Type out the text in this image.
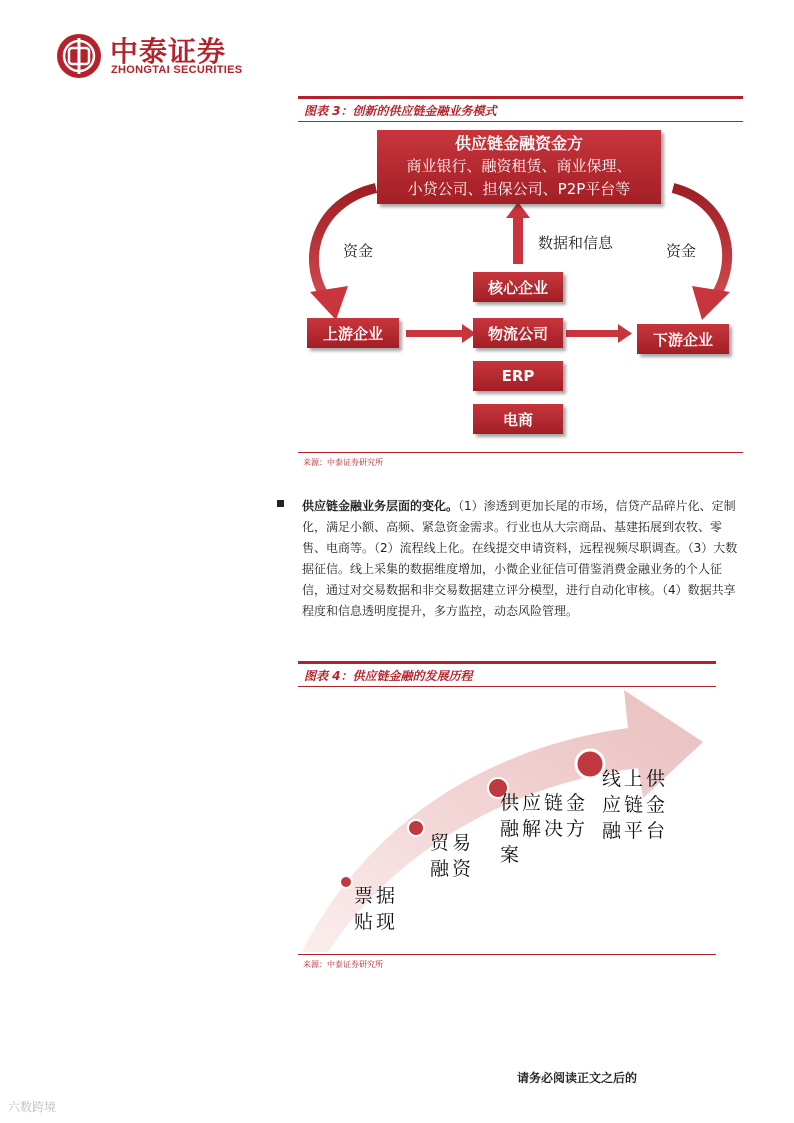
中泰证券
ZHONGTAI SECURITIES
图表 3：创新的供应链金融业务模式
供应链金融资金方
商业银行、融资租赁、商业保理、
小贷公司、担保公司、P2P平台等
资金	资金
数据和信息
核心企业
上游企业	物流公司	下游企业
ERP
电商
来源：中泰证券研究所
供应链金融业务层面的变化。（1）渗透到更加长尾的市场，信贷产品碎片化、定制化，满足小额、高频、紧急资金需求。行业也从大宗商品、基建拓展到农牧、零售、电商等。（2）流程线上化。在线提交申请资料，远程视频尽职调查。（3）大数据征信。线上采集的数据维度增加，小微企业征信可借鉴消费金融业务的个人征信，通过对交易数据和非交易数据建立评分模型，进行自动化审核。（4）数据共享程度和信息透明度提升，多方监控，动态风险管理。
图表 4：供应链金融的发展历程
票据
贴现
贸易
融资
供应链金
融解决方
案
线上供
应链金
融平台
来源：中泰证券研究所
请务必阅读正文之后的
六数跨境
